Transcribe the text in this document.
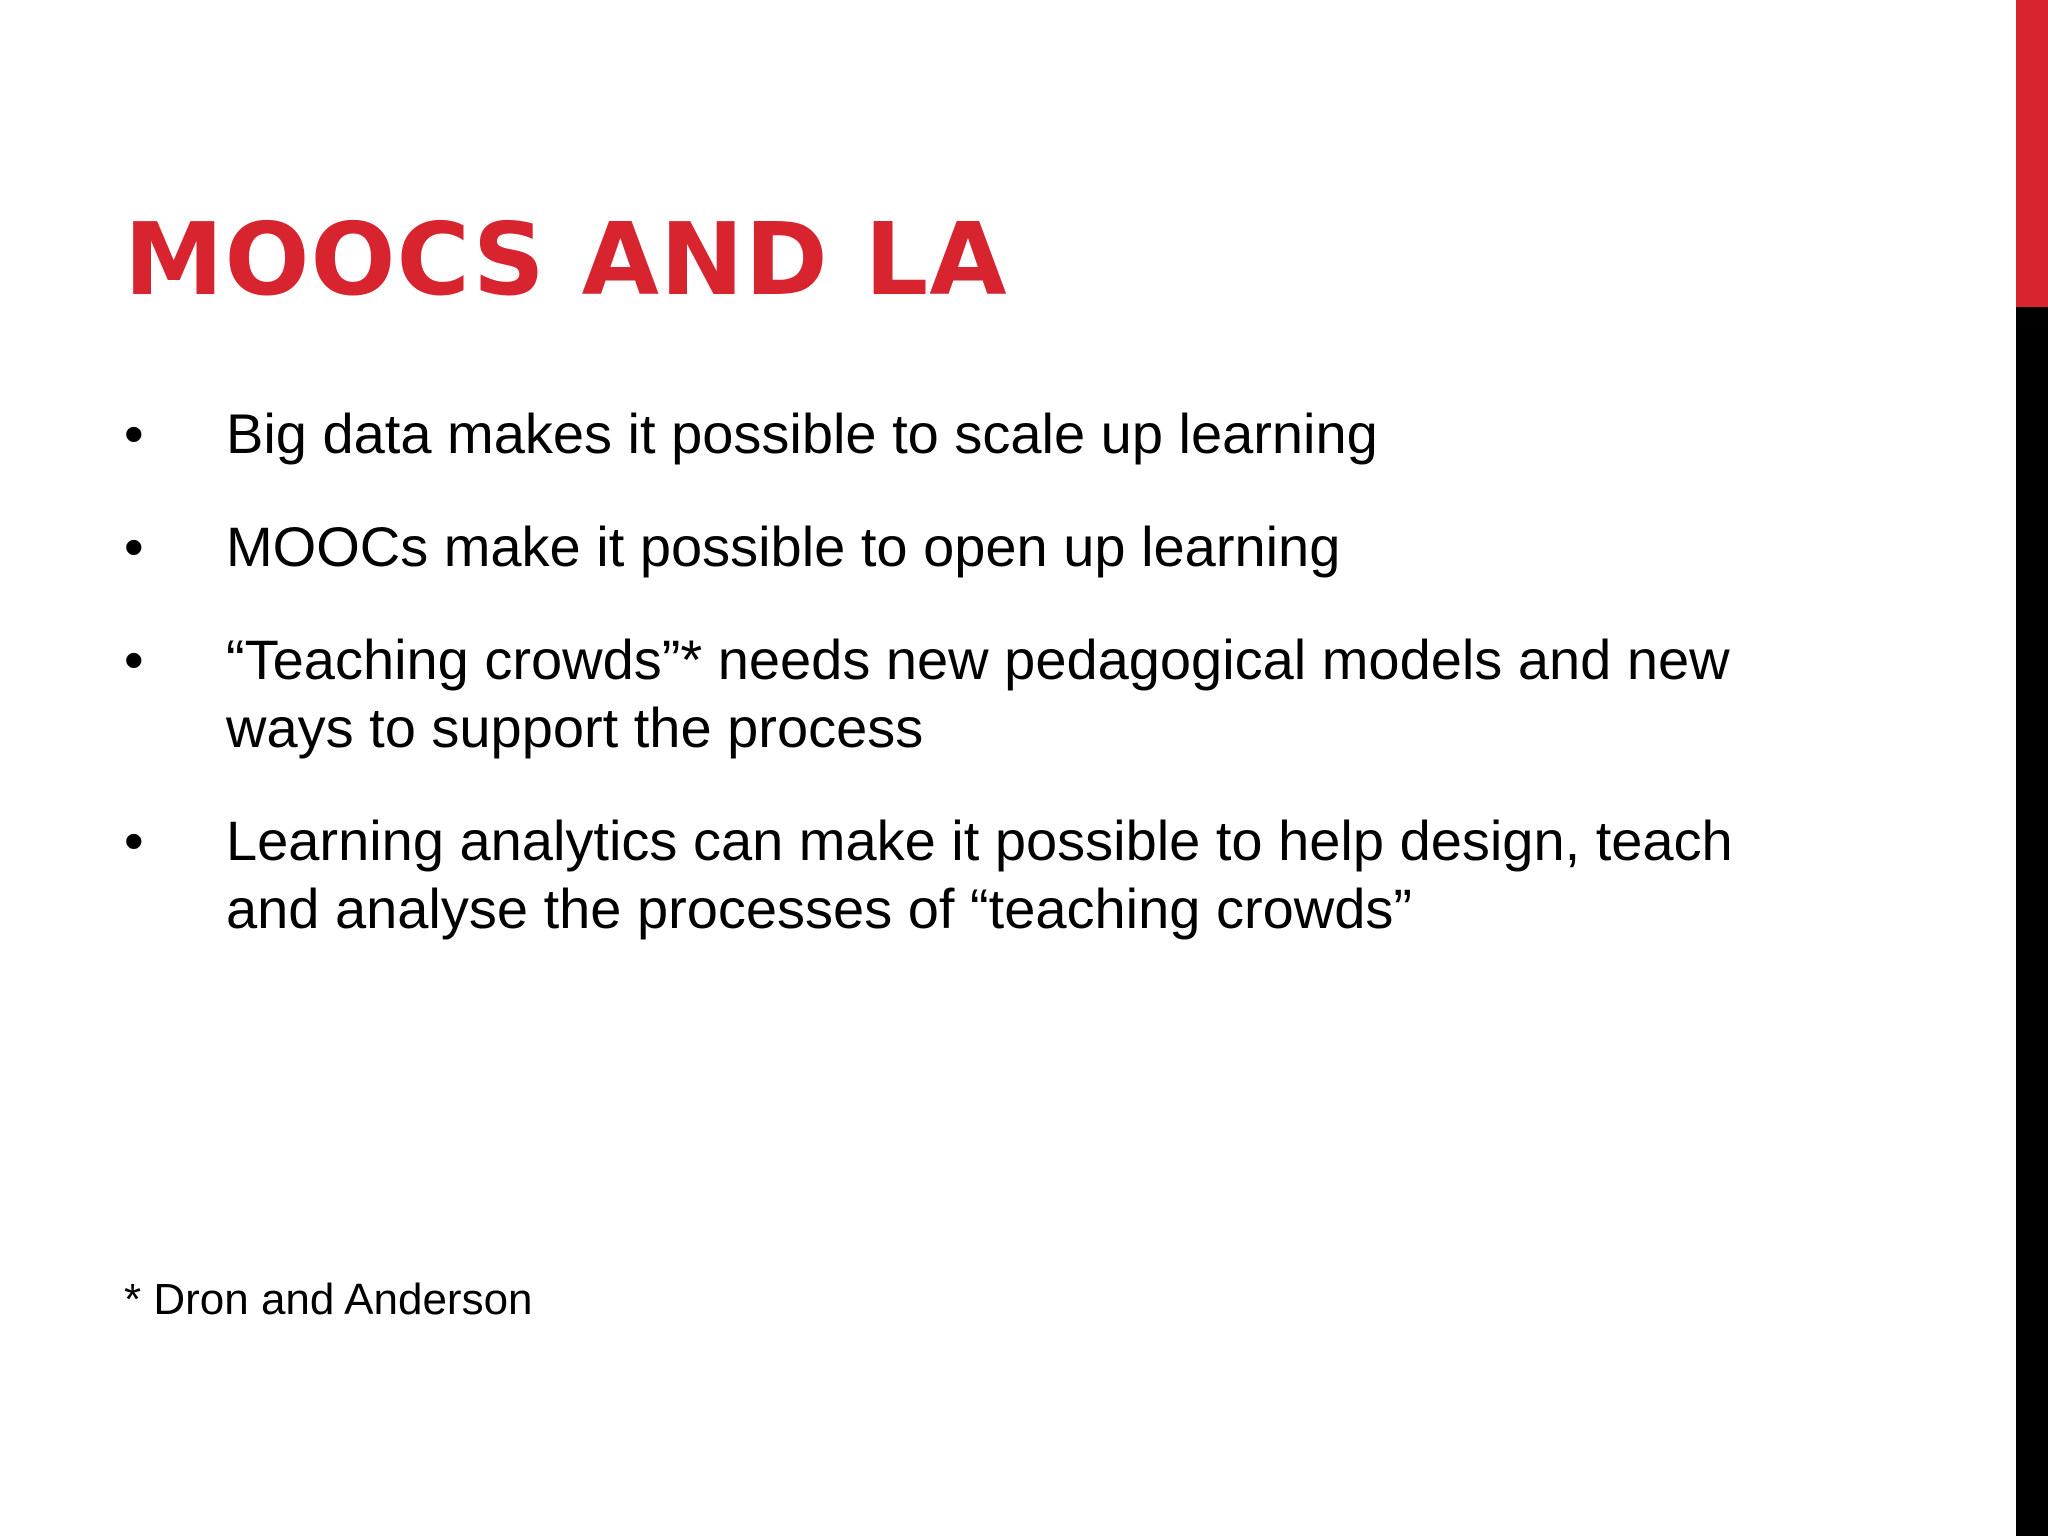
MOOCS AND LA
• Big data makes it possible to scale up learning
• MOOCs make it possible to open up learning
• “Teaching crowds”* needs new pedagogical models and new ways to support the process
• Learning analytics can make it possible to help design, teach and analyse the processes of “teaching crowds”

* Dron and Anderson
